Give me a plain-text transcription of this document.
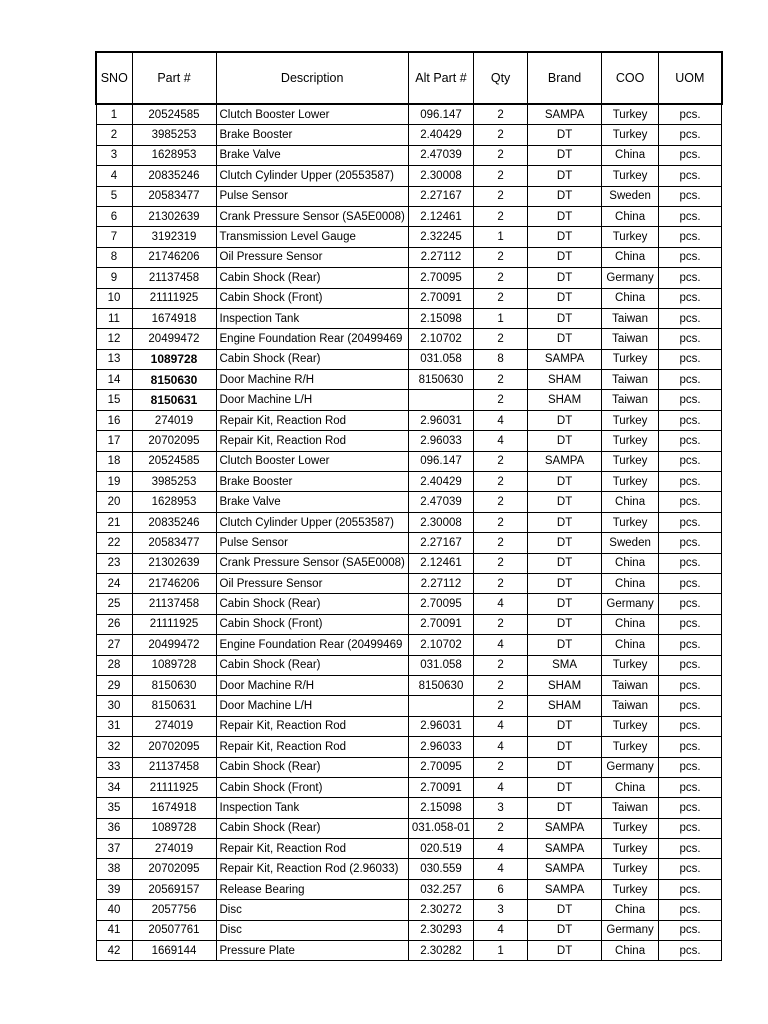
SNO	Part #	Description	Alt Part #	Qty	Brand	COO	UOM
1	20524585	Clutch Booster Lower	096.147	2	SAMPA	Turkey	pcs.
2	3985253	Brake Booster	2.40429	2	DT	Turkey	pcs.
3	1628953	Brake Valve	2.47039	2	DT	China	pcs.
4	20835246	Clutch Cylinder Upper (20553587)	2.30008	2	DT	Turkey	pcs.
5	20583477	Pulse Sensor	2.27167	2	DT	Sweden	pcs.
6	21302639	Crank Pressure Sensor (SA5E0008)	2.12461	2	DT	China	pcs.
7	3192319	Transmission Level Gauge	2.32245	1	DT	Turkey	pcs.
8	21746206	Oil Pressure Sensor	2.27112	2	DT	China	pcs.
9	21137458	Cabin Shock (Rear)	2.70095	2	DT	Germany	pcs.
10	21111925	Cabin Shock (Front)	2.70091	2	DT	China	pcs.
11	1674918	Inspection Tank	2.15098	1	DT	Taiwan	pcs.
12	20499472	Engine Foundation Rear (20499469	2.10702	2	DT	Taiwan	pcs.
13	1089728	Cabin Shock (Rear)	031.058	8	SAMPA	Turkey	pcs.
14	8150630	Door Machine R/H	8150630	2	SHAM	Taiwan	pcs.
15	8150631	Door Machine L/H		2	SHAM	Taiwan	pcs.
16	274019	Repair Kit, Reaction Rod	2.96031	4	DT	Turkey	pcs.
17	20702095	Repair Kit, Reaction Rod	2.96033	4	DT	Turkey	pcs.
18	20524585	Clutch Booster Lower	096.147	2	SAMPA	Turkey	pcs.
19	3985253	Brake Booster	2.40429	2	DT	Turkey	pcs.
20	1628953	Brake Valve	2.47039	2	DT	China	pcs.
21	20835246	Clutch Cylinder Upper (20553587)	2.30008	2	DT	Turkey	pcs.
22	20583477	Pulse Sensor	2.27167	2	DT	Sweden	pcs.
23	21302639	Crank Pressure Sensor (SA5E0008)	2.12461	2	DT	China	pcs.
24	21746206	Oil Pressure Sensor	2.27112	2	DT	China	pcs.
25	21137458	Cabin Shock (Rear)	2.70095	4	DT	Germany	pcs.
26	21111925	Cabin Shock (Front)	2.70091	2	DT	China	pcs.
27	20499472	Engine Foundation Rear (20499469	2.10702	4	DT	China	pcs.
28	1089728	Cabin Shock (Rear)	031.058	2	SMA	Turkey	pcs.
29	8150630	Door Machine R/H	8150630	2	SHAM	Taiwan	pcs.
30	8150631	Door Machine L/H		2	SHAM	Taiwan	pcs.
31	274019	Repair Kit, Reaction Rod	2.96031	4	DT	Turkey	pcs.
32	20702095	Repair Kit, Reaction Rod	2.96033	4	DT	Turkey	pcs.
33	21137458	Cabin Shock (Rear)	2.70095	2	DT	Germany	pcs.
34	21111925	Cabin Shock (Front)	2.70091	4	DT	China	pcs.
35	1674918	Inspection Tank	2.15098	3	DT	Taiwan	pcs.
36	1089728	Cabin Shock (Rear)	031.058-01	2	SAMPA	Turkey	pcs.
37	274019	Repair Kit, Reaction Rod	020.519	4	SAMPA	Turkey	pcs.
38	20702095	Repair Kit, Reaction Rod (2.96033)	030.559	4	SAMPA	Turkey	pcs.
39	20569157	Release Bearing	032.257	6	SAMPA	Turkey	pcs.
40	2057756	Disc	2.30272	3	DT	China	pcs.
41	20507761	Disc	2.30293	4	DT	Germany	pcs.
42	1669144	Pressure Plate	2.30282	1	DT	China	pcs.
